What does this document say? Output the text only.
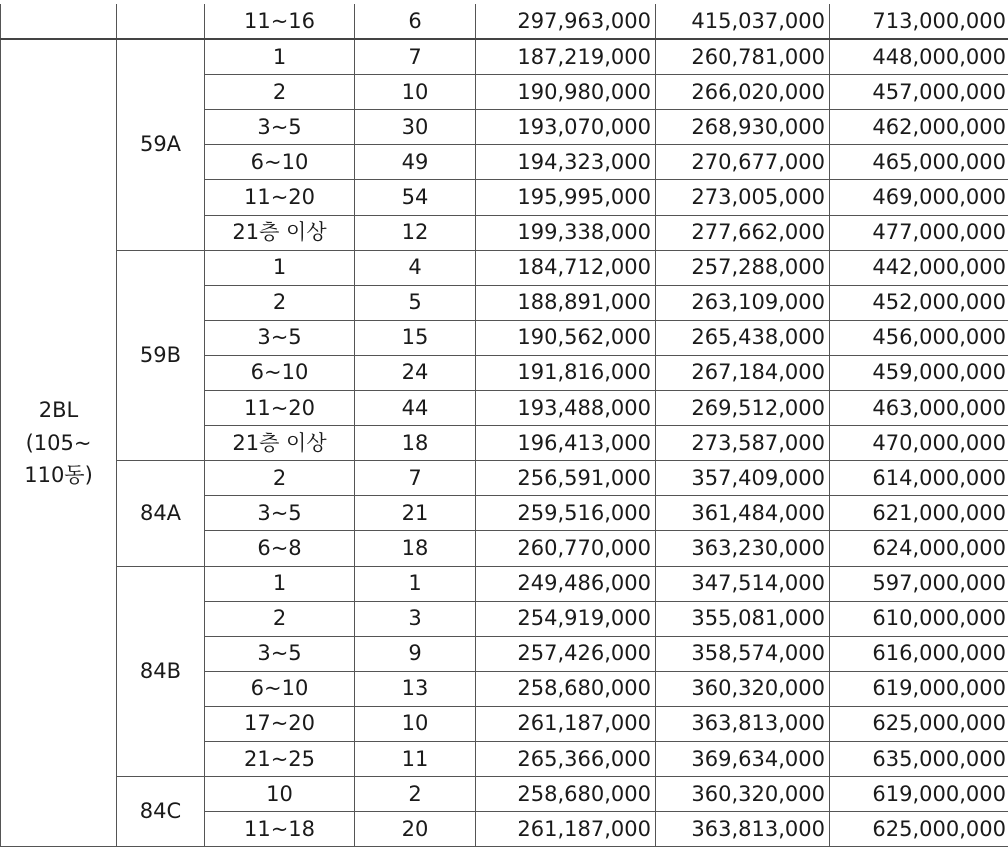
		11~16	6	297,963,000	415,037,000	713,000,000

2BL
(105~
110동)	59A	1	7	187,219,000	260,781,000	448,000,000
		2	10	190,980,000	266,020,000	457,000,000
		3~5	30	193,070,000	268,930,000	462,000,000
		6~10	49	194,323,000	270,677,000	465,000,000
		11~20	54	195,995,000	273,005,000	469,000,000
		21층 이상	12	199,338,000	277,662,000	477,000,000
	59B	1	4	184,712,000	257,288,000	442,000,000
		2	5	188,891,000	263,109,000	452,000,000
		3~5	15	190,562,000	265,438,000	456,000,000
		6~10	24	191,816,000	267,184,000	459,000,000
		11~20	44	193,488,000	269,512,000	463,000,000
		21층 이상	18	196,413,000	273,587,000	470,000,000
	84A	2	7	256,591,000	357,409,000	614,000,000
		3~5	21	259,516,000	361,484,000	621,000,000
		6~8	18	260,770,000	363,230,000	624,000,000
	84B	1	1	249,486,000	347,514,000	597,000,000
		2	3	254,919,000	355,081,000	610,000,000
		3~5	9	257,426,000	358,574,000	616,000,000
		6~10	13	258,680,000	360,320,000	619,000,000
		17~20	10	261,187,000	363,813,000	625,000,000
		21~25	11	265,366,000	369,634,000	635,000,000
	84C	10	2	258,680,000	360,320,000	619,000,000
		11~18	20	261,187,000	363,813,000	625,000,000
